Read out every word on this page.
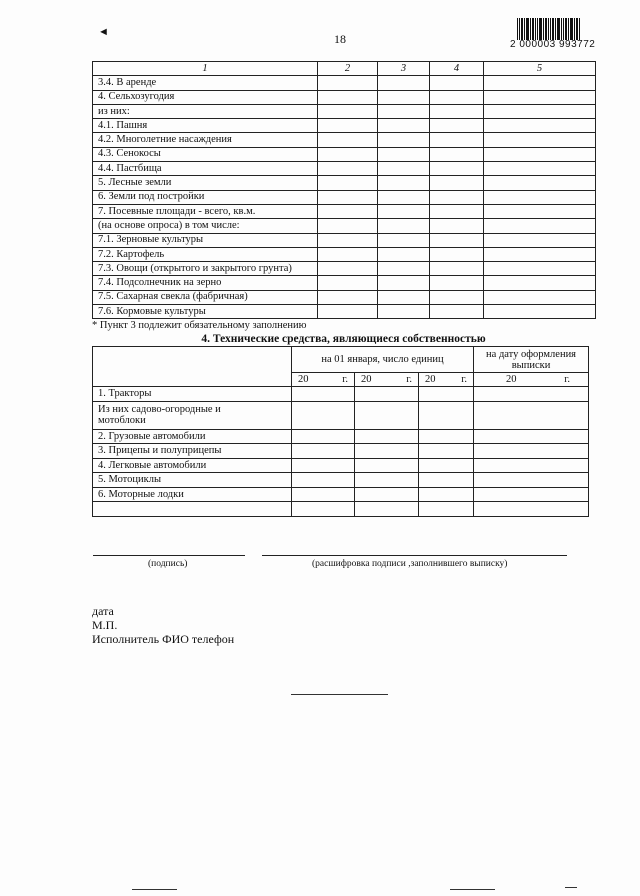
◄	18	2 000003 993772
1	2	3	4	5
3.4. В аренде				
4. Сельхозугодия				
из них:				
4.1. Пашня				
4.2. Многолетние насаждения				
4.3. Сенокосы				
4.4. Пастбища				
5. Лесные земли				
6. Земли под постройки				
7. Посевные площади - всего, кв.м.				
(на основе опроса) в том числе:				
7.1. Зерновые культуры				
7.2. Картофель				
7.3. Овощи (открытого и закрытого грунта)				
7.4. Подсолнечник на зерно				
7.5. Сахарная свекла (фабричная)				
7.6. Кормовые культуры				
* Пункт 3 подлежит обязательному заполнению
4. Технические средства, являющиеся собственностью
	на 01 января, число единиц			на дату оформления выписки

	20 г.	20 г.	20 г.	20 г.

1. Тракторы				
Из них садово-огородные и мотоблоки				
2. Грузовые автомобили				
3. Прицепы и полуприцепы				
4. Легковые автомобили				
5. Мотоциклы				
6. Моторные лодки				

(подпись)	(расшифровка подписи ,заполнившего выписку)
дата
М.П.
Исполнитель ФИО телефон
